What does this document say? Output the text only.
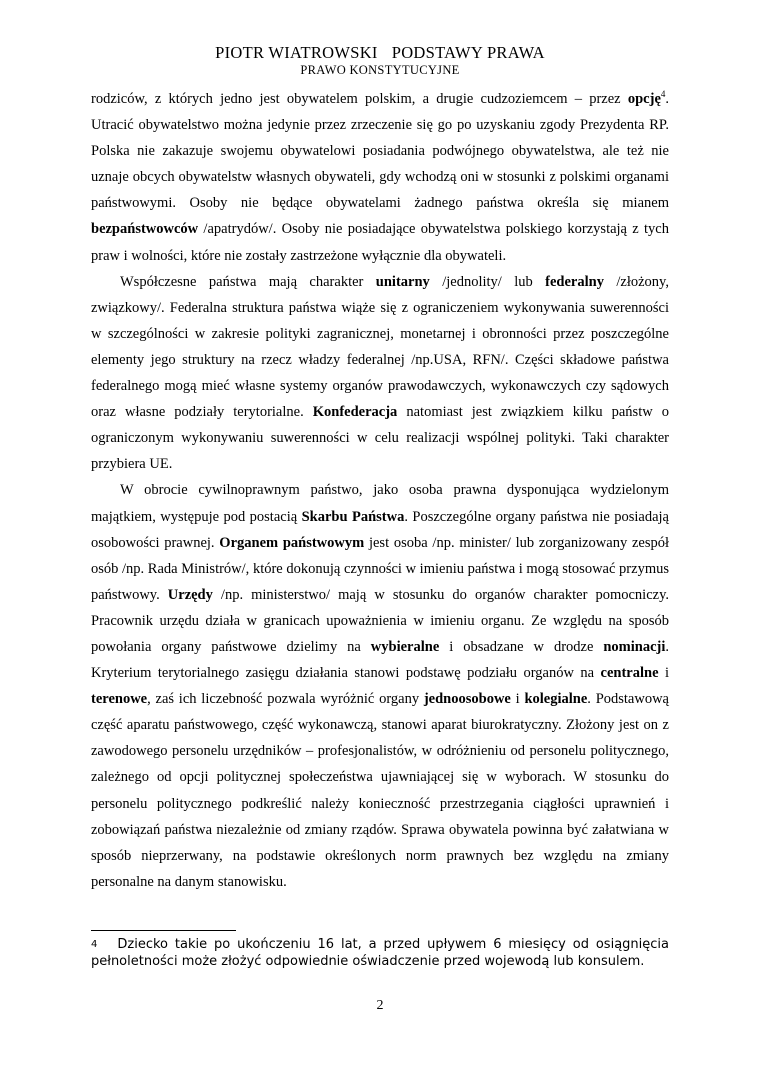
PIOTR WIATROWSKI PODSTAWY PRAWA
PRAWO KONSTYTUCYJNE

rodziców, z których jedno jest obywatelem polskim, a drugie cudzoziemcem – przez opcję$^4$. Utracić obywatelstwo można jedynie przez zrzeczenie się go po uzyskaniu zgody Prezydenta RP. Polska nie zakazuje swojemu obywatelowi posiadania podwójnego obywatelstwa, ale też nie uznaje obcych obywatelstw własnych obywateli, gdy wchodzą oni w stosunki z polskimi organami państwowymi. Osoby nie będące obywatelami żadnego państwa określa się mianem bezpaństwowców /apatrydów/. Osoby nie posiadające obywatelstwa polskiego korzystają z tych praw i wolności, które nie zostały zastrzeżone wyłącznie dla obywateli.

Współczesne państwa mają charakter unitarny /jednolity/ lub federalny /złożony, związkowy/. Federalna struktura państwa wiąże się z ograniczeniem wykonywania suwerenności w szczególności w zakresie polityki zagranicznej, monetarnej i obronności przez poszczególne elementy jego struktury na rzecz władzy federalnej /np.USA, RFN/. Części składowe państwa federalnego mogą mieć własne systemy organów prawodawczych, wykonawczych czy sądowych oraz własne podziały terytorialne. Konfederacja natomiast jest związkiem kilku państw o ograniczonym wykonywaniu suwerenności w celu realizacji wspólnej polityki. Taki charakter przybiera UE.

W obrocie cywilnoprawnym państwo, jako osoba prawna dysponująca wydzielonym majątkiem, występuje pod postacią Skarbu Państwa. Poszczególne organy państwa nie posiadają osobowości prawnej. Organem państwowym jest osoba /np. minister/ lub zorganizowany zespół osób /np. Rada Ministrów/, które dokonują czynności w imieniu państwa i mogą stosować przymus państwowy. Urzędy /np. ministerstwo/ mają w stosunku do organów charakter pomocniczy. Pracownik urzędu działa w granicach upoważnienia w imieniu organu. Ze względu na sposób powołania organy państwowe dzielimy na wybieralne i obsadzane w drodze nominacji. Kryterium terytorialnego zasięgu działania stanowi podstawę podziału organów na centralne i terenowe, zaś ich liczebność pozwala wyróżnić organy jednoosobowe i kolegialne. Podstawową część aparatu państwowego, część wykonawczą, stanowi aparat biurokratyczny. Złożony jest on z zawodowego personelu urzędników – profesjonalistów, w odróżnieniu od personelu politycznego, zależnego od opcji politycznej społeczeństwa ujawniającej się w wyborach. W stosunku do personelu politycznego podkreślić należy konieczność przestrzegania ciągłości uprawnień i zobowiązań państwa niezależnie od zmiany rządów. Sprawa obywatela powinna być załatwiana w sposób nieprzerwany, na podstawie określonych norm prawnych bez względu na zmiany personalne na danym stanowisku.

$^4$ Dziecko takie po ukończeniu 16 lat, a przed upływem 6 miesięcy od osiągnięcia pełnoletności może złożyć odpowiednie oświadczenie przed wojewodą lub konsulem.
2
